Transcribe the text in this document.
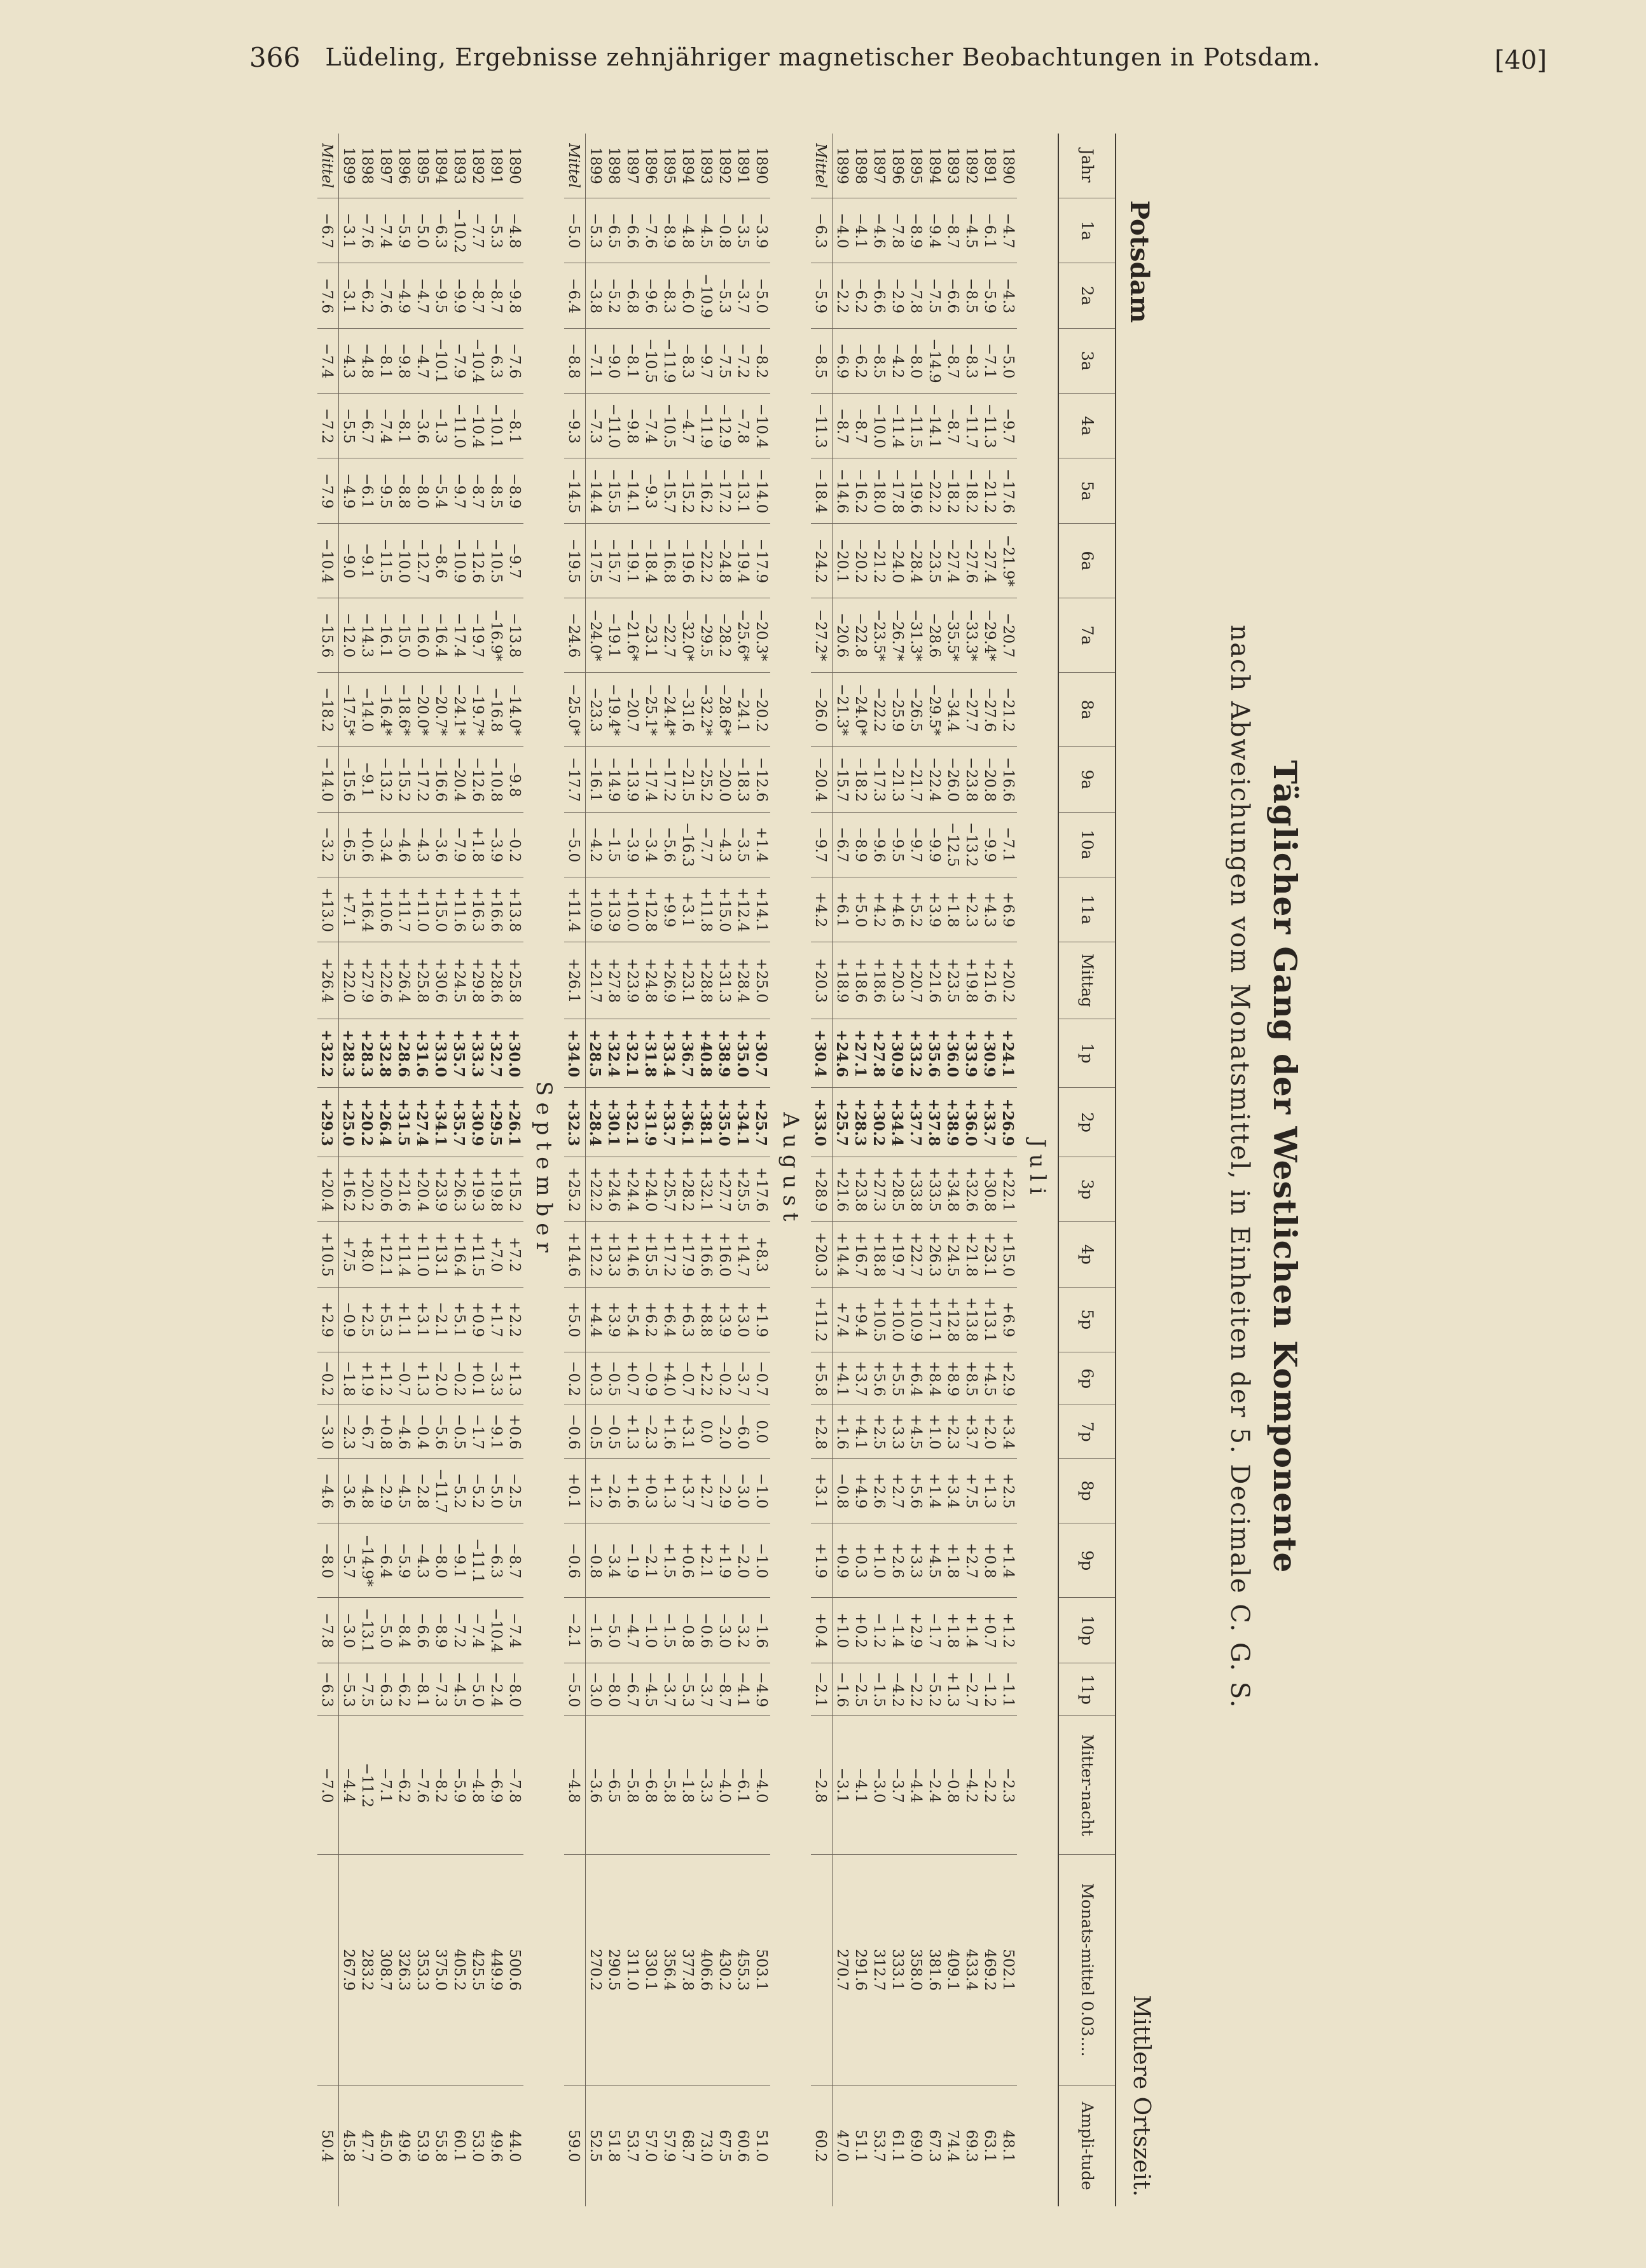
366	Lüdeling, Ergebnisse zehnjähriger magnetischer Beobachtungen in Potsdam.	[40]
Täglicher Gang der Westlichen Komponente
nach Abweichungen vom Monatsmittel, in Einheiten der 5. Decimale C. G. S.
Potsdam
Mittlere Ortszeit.
Jahr	1a	2a	3a	4a	5a	6a	7a	8a	9a	10a	11a	Mittag	1p	2p	3p	4p	5p	6p	7p	8p	9p	10p	11p	Mitter-nacht	Monats-mittel 0.03....	Ampli-tude
Juli																										
1890	−4.7	−4.3	−5.0	−9.7	−17.6	−21.9*	−20.7	−21.2	−16.6	−7.1	+6.9	+20.2	+24.1	+26.9	+22.1	+15.0	+6.9	+2.9	+3.4	+2.5	+1.4	+1.2	−1.1	−2.3	502.1	48.1
1891	−6.1	−5.9	−7.1	−11.3	−21.2	−27.4	−29.4*	−27.6	−20.8	−9.9	+4.3	+21.6	+30.9	+33.7	+30.8	+23.1	+13.1	+4.5	+2.0	+1.3	+0.8	+0.7	−1.2	−2.2	469.2	63.1
1892	−4.5	−8.5	−8.3	−11.7	−18.2	−27.6	−33.3*	−27.7	−23.8	−13.2	+2.3	+19.8	+33.9	+36.0	+32.6	+21.8	+13.8	+8.5	+3.7	+7.5	+2.7	+1.4	−2.7	−4.2	433.4	69.3
1893	−8.7	−6.6	−8.7	−8.7	−18.2	−27.4	−35.5*	−34.4	−26.0	−12.5	+1.8	+23.5	+36.0	+38.9	+34.8	+24.5	+12.8	+8.9	+2.3	+3.4	+1.8	+1.8	+1.3	−0.8	409.1	74.4
1894	−9.4	−7.5	−14.9	−14.1	−22.2	−23.5	−28.6	−29.5*	−22.4	−9.9	+3.9	+21.6	+35.6	+37.8	+33.5	+26.3	+17.1	+8.4	+1.0	+1.4	+4.5	−1.7	−5.2	−2.4	381.6	67.3
1895	−8.9	−7.8	−8.0	−11.5	−19.6	−28.4	−31.3*	−26.5	−21.7	−9.7	+5.2	+20.7	+33.2	+37.7	+33.8	+22.7	+10.9	+6.4	+4.5	+5.6	+3.3	+2.9	−2.2	−4.4	358.0	69.0
1896	−7.8	−2.9	−4.2	−11.4	−17.8	−24.0	−26.7*	−25.9	−21.3	−9.5	+4.6	+20.3	+30.9	+34.4	+28.5	+19.7	+10.0	+5.5	+3.3	+2.7	+2.6	−1.4	−4.2	−3.7	333.1	61.1
1897	−4.6	−6.6	−8.5	−10.0	−18.0	−21.2	−23.5*	−22.2	−17.3	−9.6	+4.2	+18.6	+27.8	+30.2	+27.3	+18.8	+10.5	+5.6	+2.5	+2.6	+1.0	−1.2	−1.5	−3.0	312.7	53.7
1898	−4.1	−6.2	−6.2	−8.7	−16.2	−20.2	−22.8	−24.0*	−18.2	−8.9	+5.0	+18.6	+27.1	+28.3	+23.8	+16.7	+9.4	+3.7	+4.1	+4.9	+0.3	+0.2	−2.5	−4.1	291.6	51.1
1899	−4.0	−2.2	−6.9	−8.7	−14.6	−20.1	−20.6	−21.3*	−15.7	−6.7	+6.1	+18.9	+24.6	+25.7	+21.6	+14.4	+7.4	+4.1	+1.6	−0.8	+0.9	+1.0	−1.6	−3.1	270.7	47.0
Mittel	−6.3	−5.9	−8.5	−11.3	−18.4	−24.2	−27.2*	−26.0	−20.4	−9.7	+4.2	+20.3	+30.4	+33.0	+28.9	+20.3	+11.2	+5.8	+2.8	+3.1	+1.9	+0.4	−2.1	−2.8		60.2
August																										
1890	−3.9	−5.0	−8.2	−10.4	−14.0	−17.9	−20.3*	−20.2	−12.6	+1.4	+14.1	+25.0	+30.7	+25.7	+17.6	+8.3	+1.9	−0.7	0.0	−1.0	−1.0	−1.6	−4.9	−4.0	503.1	51.0
1891	−3.5	−3.7	−7.2	−7.8	−13.1	−19.4	−25.6*	−24.1	−18.3	−3.5	+12.4	+28.4	+35.0	+34.1	+25.5	+14.7	+3.0	−3.7	−6.0	−3.0	−2.0	−3.2	−4.1	−6.1	455.3	60.6
1892	−0.8	−5.3	−7.5	−12.9	−17.2	−24.8	−28.2	−28.6*	−20.0	−4.3	+15.0	+31.3	+38.9	+35.0	+27.7	+16.0	+3.9	−0.2	−2.0	−2.9	+1.9	−3.0	−8.7	−4.0	430.2	67.5
1893	−4.5	−10.9	−9.7	−11.9	−16.2	−22.2	−29.5	−32.2*	−25.2	−7.7	+11.8	+28.8	+40.8	+38.1	+32.1	+16.6	+8.8	+2.2	0.0	+2.7	+2.1	−0.6	−3.7	−3.3	406.6	73.0
1894	−4.8	−6.0	−8.3	−4.7	−15.2	−19.6	−32.0*	−31.6	−21.5	−16.3	+3.1	+23.1	+36.7	+36.1	+28.2	+17.9	+6.3	−0.7	+3.1	+3.7	+0.6	−0.8	−5.3	−1.8	377.8	68.7
1895	−8.9	−8.3	−11.9	−10.5	−15.7	−16.8	−22.7	−24.4*	−17.2	−5.6	+9.9	+26.9	+33.4	+33.7	+25.7	+17.2	+6.4	+4.0	+1.6	+1.3	+1.5	−1.5	−3.7	−5.8	356.4	57.9
1896	−7.6	−9.6	−10.5	−7.4	−9.3	−18.4	−23.1	−25.1*	−17.4	−3.4	+12.8	+24.8	+31.8	+31.9	+24.0	+15.5	+6.2	−0.9	−2.3	+0.3	−2.1	−1.0	−4.5	−6.8	330.1	57.0
1897	−6.6	−6.8	−8.1	−9.8	−14.1	−19.1	−21.6*	−20.7	−13.9	−3.9	+10.0	+23.9	+32.1	+32.1	+24.4	+14.6	+5.4	+0.7	+1.3	+1.6	−1.9	−4.7	−6.7	−5.8	311.0	53.7
1898	−6.5	−5.2	−9.0	−11.0	−15.5	−15.7	−19.1	−19.4*	−14.9	−1.5	+13.9	+27.8	+32.4	+30.1	+24.6	+13.3	+3.9	−0.5	−0.5	−2.6	−3.4	−5.0	−8.0	−6.5	290.5	51.8
1899	−5.3	−3.8	−7.1	−7.3	−14.4	−17.5	−24.0*	−23.3	−16.1	−4.2	+10.9	+21.7	+28.5	+28.4	+22.2	+12.2	+4.4	+0.3	−0.5	+1.2	−0.8	−1.6	−3.0	−3.6	270.2	52.5
Mittel	−5.0	−6.4	−8.8	−9.3	−14.5	−19.5	−24.6	−25.0*	−17.7	−5.0	+11.4	+26.1	+34.0	+32.3	+25.2	+14.6	+5.0	−0.2	−0.6	+0.1	−0.6	−2.1	−5.0	−4.8		59.0
September																										
1890	−4.8	−9.8	−7.6	−8.1	−8.9	−9.7	−13.8	−14.0*	−9.8	−0.2	+13.8	+25.8	+30.0	+26.1	+15.2	+7.2	+2.2	+1.3	+0.6	−2.5	−8.7	−7.4	−8.0	−7.8	500.6	44.0
1891	−5.3	−8.7	−6.3	−10.1	−8.5	−10.5	−16.9*	−16.8	−10.8	−3.9	+16.6	+28.6	+32.7	+29.5	+19.8	+7.0	+1.7	−3.3	−9.1	−5.0	−6.3	−10.4	−2.4	−6.9	449.9	49.6
1892	−7.7	−8.7	−10.4	−10.4	−8.7	−12.6	−19.7	−19.7*	−12.6	+1.8	+16.3	+29.8	+33.3	+30.9	+19.3	+11.5	+0.9	+0.1	−1.7	−5.2	−11.1	−7.4	−5.0	−4.8	425.5	53.0
1893	−10.2	−9.9	−7.9	−11.0	−9.7	−10.9	−17.4	−24.1*	−20.4	−7.9	+11.6	+24.5	+35.7	+35.7	+26.3	+16.4	+5.1	−0.2	−0.5	−5.2	−9.1	−7.2	−4.5	−5.9	405.2	60.1
1894	−6.3	−9.5	−10.1	−1.3	−5.4	−8.6	−16.4	−20.7*	−16.6	−3.6	+15.0	+30.6	+33.0	+34.1	+23.9	+13.1	−2.1	−2.0	−5.6	−11.7	−8.0	−8.9	−7.3	−8.2	375.0	55.8
1895	−5.0	−4.7	−4.7	−3.6	−8.0	−12.7	−16.0	−20.0*	−17.2	−4.3	+11.0	+25.8	+31.6	+27.4	+20.4	+11.0	+3.1	+1.3	−0.4	−2.8	−4.3	−6.6	−8.1	−7.6	353.3	53.9
1896	−5.9	−4.9	−9.8	−8.1	−8.8	−10.0	−15.0	−18.6*	−15.2	−4.6	+11.7	+26.4	+28.6	+31.5	+21.6	+11.4	+1.1	−0.7	−4.6	−4.5	−5.9	−8.4	−6.2	−6.2	326.3	49.6
1897	−7.4	−7.6	−8.1	−7.4	−9.5	−11.5	−16.1	−16.4*	−13.2	−3.4	+10.6	+22.6	+32.8	+26.4	+20.6	+12.1	+5.3	+1.2	+0.8	−2.9	−6.4	−5.0	−6.3	−7.1	308.7	45.0
1898	−7.6	−6.2	−4.8	−6.7	−6.1	−9.1	−14.3	−14.0	−9.1	+0.6	+16.4	+27.9	+28.3	+20.2	+20.2	+8.0	+2.5	+1.9	−6.7	−4.8	−14.9*	−13.1	−7.5	−11.2	283.2	47.7
1899	−3.1	−3.1	−4.3	−5.5	−4.9	−9.0	−12.0	−17.5*	−15.6	−6.5	+7.1	+22.0	+28.3	+25.0	+16.2	+7.5	−0.9	−1.8	−2.3	−3.6	−5.7	−3.0	−5.3	−4.4	267.9	45.8
Mittel	−6.7	−7.6	−7.4	−7.2	−7.9	−10.4	−15.6	−18.2	−14.0	−3.2	+13.0	+26.4	+32.2	+29.3	+20.4	+10.5	+2.9	−0.2	−3.0	−4.6	−8.0	−7.8	−6.3	−7.0		50.4
